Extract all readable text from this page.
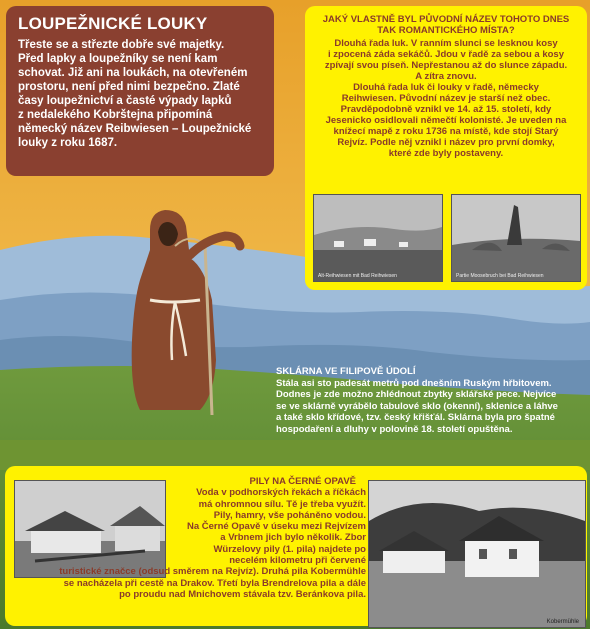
LOUPEŽNICKÉ LOUKY

Třeste se a střezte dobře své majetky.
Před lapky a loupežníky se není kam
schovat. Již ani na loukách, na otevřeném
prostoru, není před nimi bezpečno. Zlaté
časy loupežnictví a časté výpady lapků
z nedalekého Kobrštejna připomíná
německý název Reibwiesen – Loupežnické
louky z roku 1687.

JAKÝ VLASTNĚ BYL PŮVODNÍ NÁZEV TOHOTO DNES
TAK ROMANTICKÉHO MÍSTA?

Dlouhá řada luk. V ranním slunci se lesknou kosy
i zpocená záda sekáčů. Jdou v řadě za sebou a kosy
zpívají svou píseň. Nepřestanou až do slunce západu.
A zítra znovu.
Dlouhá řada luk či louky v řadě, německy
Reihwiesen. Původní název je starší než obec.
Pravděpodobně vznikl ve 14. až 15. století, kdy
Jesenicko osidlovali němečtí kolonisté. Je uveden na
knížecí mapě z roku 1736 na místě, kde stojí Starý
Rejvíz. Podle něj vznikl i název pro první domky,
které zde byly postaveny.

Alt-Reihwiesen mit Bad Reihwiesen	Partie Moosebruch bei Bad Reihwiesen
SKLÁRNA VE FILIPOVĚ ÚDOLÍ

Stála asi sto padesát metrů pod dnešním Ruským hřbitovem.
Dodnes je zde možno zhlédnout zbytky sklářské pece. Nejvíce
se ve sklárně vyrábělo tabulové sklo (okenní), sklenice a láhve
a také sklo křídové, tzv. český křišťál. Sklárna byla pro špatné
hospodaření a dluhy v polovině 18. století opuštěna.

Kobermühle
PILY NA ČERNÉ OPAVĚ

Voda v podhorských řekách a říčkách
má ohromnou sílu. Tě je třeba využít.
Pily, hamry, vše poháněno vodou.
Na Černé Opavě v úseku mezi Rejvízem
a Vrbnem jich bylo několik. Zbor
Würzelovy pily (1. pila) najdete po
necelém kilometru při červené
turistické značce (odsud směrem na Rejvíz). Druhá pila Kobermühle
se nacházela při cestě na Drakov. Třetí byla Brendrelova pila a dále
po proudu nad Mnichovem stávala tzv. Beránkova pila.
